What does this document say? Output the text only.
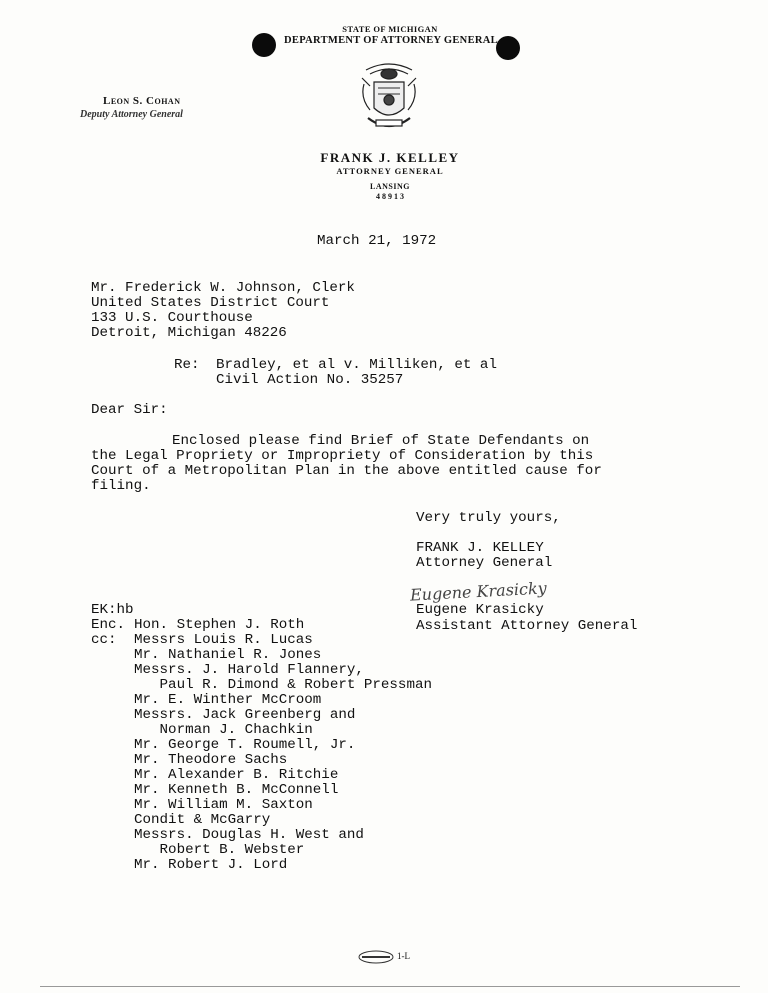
STATE OF MICHIGAN
DEPARTMENT OF ATTORNEY GENERAL
Leon S. Cohan
Deputy Attorney General
FRANK J. KELLEY
ATTORNEY GENERAL
LANSING
4 8 9 1 3
March 21, 1972
Mr. Frederick W. Johnson, Clerk
United States District Court
133 U.S. Courthouse
Detroit, Michigan 48226
Re: Bradley, et al v. Milliken, et al
Civil Action No. 35257
Dear Sir:
Enclosed please find Brief of State Defendants on
the Legal Propriety or Impropriety of Consideration by this
Court of a Metropolitan Plan in the above entitled cause for
filing.
Very truly yours,
FRANK J. KELLEY
Attorney General
Eugene Krasicky
Eugene Krasicky
Assistant Attorney General
EK:hb
Enc. Hon. Stephen J. Roth
cc: Messrs Louis R. Lucas
Mr. Nathaniel R. Jones
Messrs. J. Harold Flannery,
Paul R. Dimond & Robert Pressman
Mr. E. Winther McCroom
Messrs. Jack Greenberg and
Norman J. Chachkin
Mr. George T. Roumell, Jr.
Mr. Theodore Sachs
Mr. Alexander B. Ritchie
Mr. Kenneth B. McConnell
Mr. William M. Saxton
Condit & McGarry
Messrs. Douglas H. West and
Robert B. Webster
Mr. Robert J. Lord
1-L
